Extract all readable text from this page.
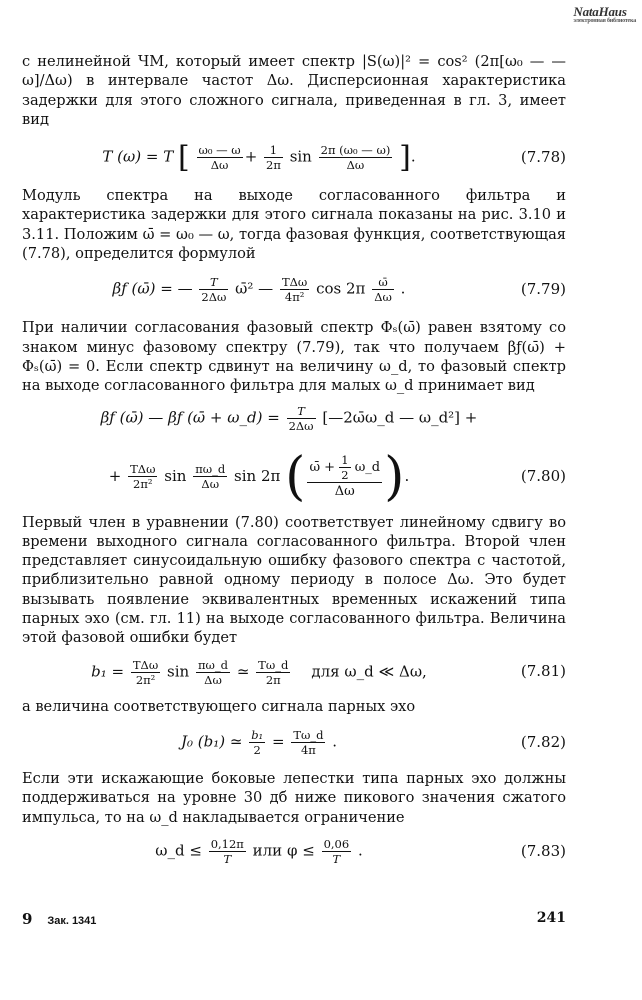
NataHaus
электронная библиотека

с нелинейной ЧМ, который имеет спектр |S(ω)|² = cos² (2π[ω₀ — — ω]/Δω) в интервале частот Δω. Дисперсионная характеристика задержки для этого сложного сигнала, приведенная в гл. 3, имеет вид

T (ω) = T [ $\frac{\text{ω₀ — ω}}{\Delta\omega} + \frac{1}{2\pi}$ $\sin \frac{\text{2π (ω₀ — ω)}}{\Delta\omega}$ ].	(7.78)

Модуль спектра на выходе согласованного фильтра и характеристика задержки для этого сигнала показаны на рис. 3.10 и 3.11. Положим ω̄ = ω₀ — ω, тогда фазовая функция, соответствующая (7.78), определится формулой

βƒ (ω̄) = — $\frac{T}{2\Delta\omega}$ ω̄² — $\frac{\text{TΔω}}{\text{4π²}}$ $\cos 2\pi \frac{\omegā}{\Delta\omega}$ .	(7.79)

При наличии согласования фазовый спектр Φₛ(ω̄) равен взятому со знаком минус фазовому спектру (7.79), так что получаем βƒ(ω̄) + Φₛ(ω̄) = 0. Если спектр сдвинут на величину ω_d, то фазовый спектр на выходе согласованного фильтра для малых ω_d принимает вид

βƒ (ω̄) — βƒ (ω̄ + ω_d) = $\frac{T}{2\Delta\omega}$ [—2ω̄ω_d — ω_d²] +
+ $\frac{\text{TΔω}}{\text{2π²}}$ $\sin \frac{\pi\omega\_d}{\Delta\omega}$ sin 2π ( $\frac{\omegā + \frac{1}{2} \omega\_d}{\Delta\omega}$ ).	(7.80)

Первый член в уравнении (7.80) соответствует линейному сдвигу во времени выходного сигнала согласованного фильтра. Второй член представляет синусоидальную ошибку фазового спектра с частотой, приблизительно равной одному периоду в полосе Δω. Это будет вызывать появление эквивалентных временных искажений типа парных эхо (см. гл. 11) на выходе согласованного фильтра. Величина этой фазовой ошибки будет

$b_1 = \frac{\text{TΔω}}{\text{2π²}}$ $\sin \frac{\pi\omega\_d}{\Delta\omega}$ ≃ $\frac{T\omega\_d}{2\pi}$ для ω_d ≪ Δω,	(7.81)

а величина соответствующего сигнала парных эхо

J₀ (b₁) ≃ $\frac{\text{b₁}}{2} = \frac{T\omega\_d}{4\pi}$ .	(7.82)

Если эти искажающие боковые лепестки типа парных эхо должны поддерживаться на уровне 30 дб ниже пикового значения сжатого импульса, то на ω_d накладывается ограничение

ω_d ≤ $\frac{0,12\pi}{T}$ или $\varphi \le \frac{0,06}{T}$ .	(7.83)
9 Зак. 1341	241
